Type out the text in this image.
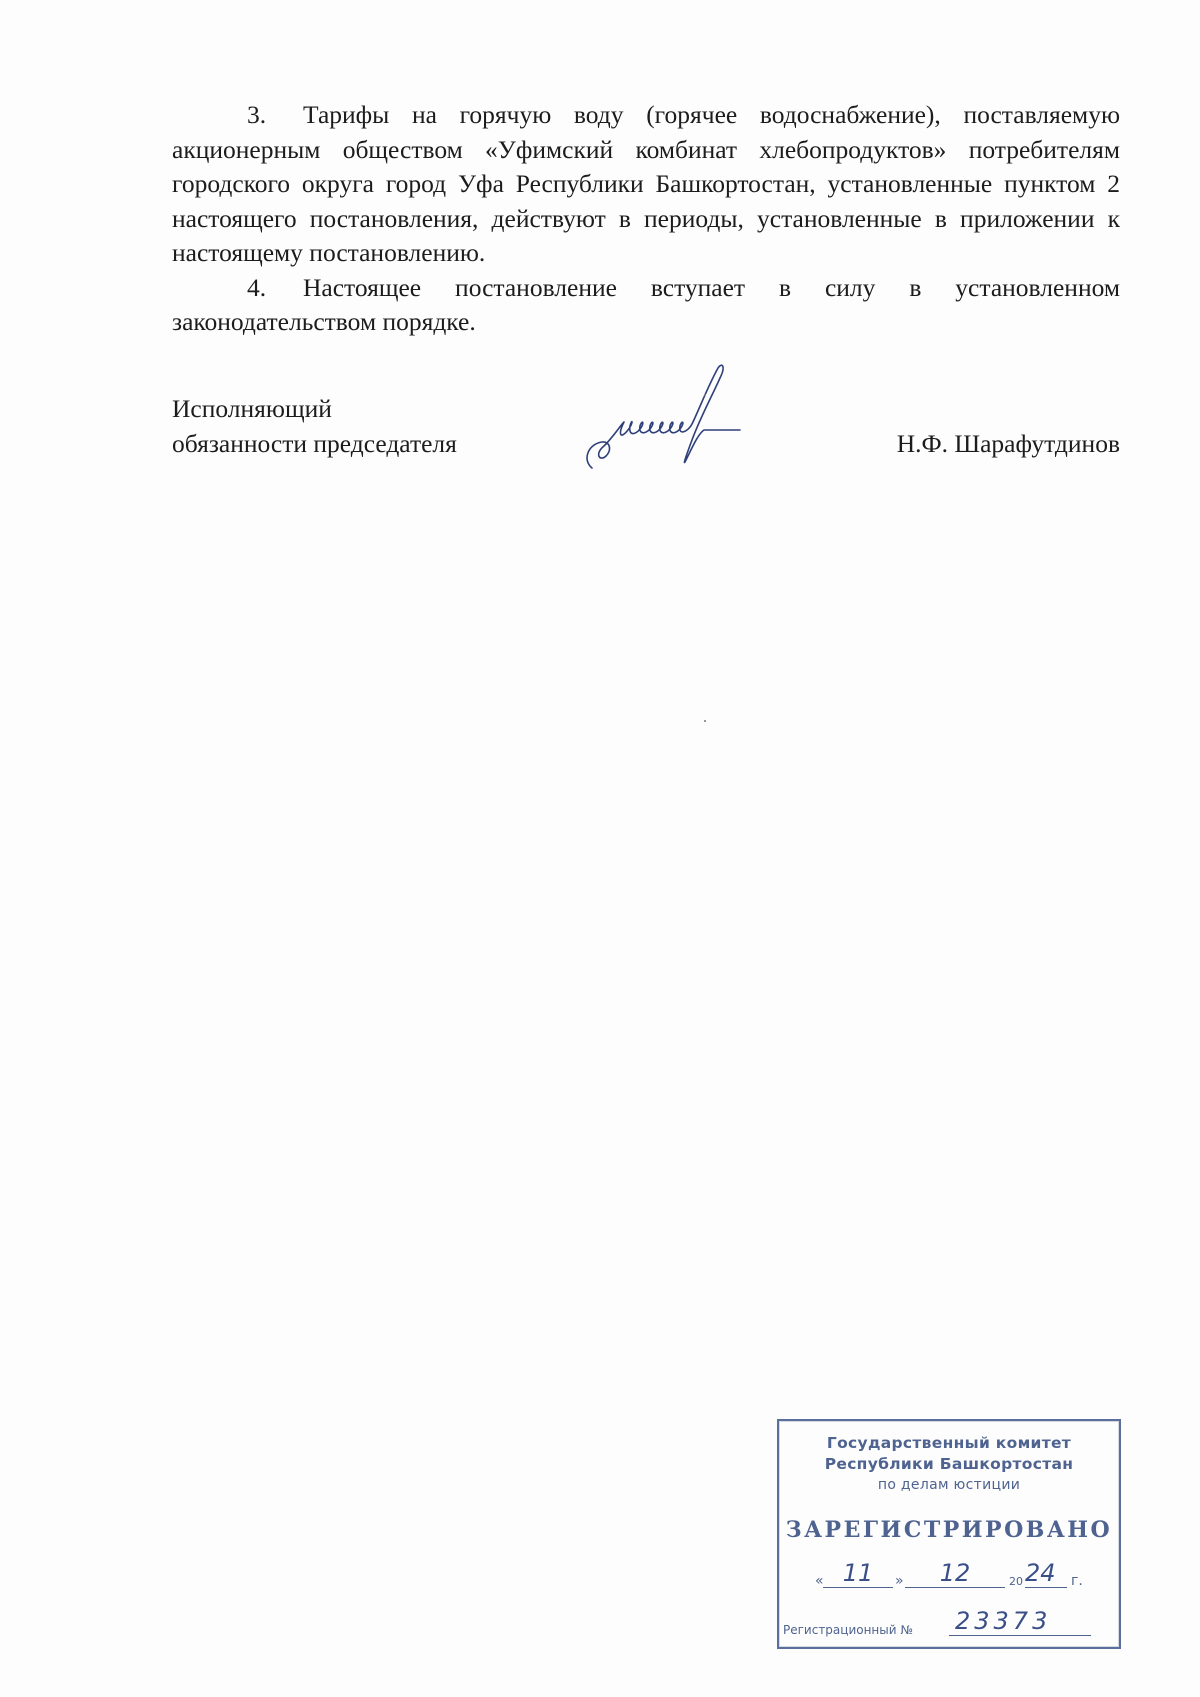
3. Тарифы на горячую воду (горячее водоснабжение), поставляемую акционерным обществом «Уфимский комбинат хлебопродуктов» потребителям городского округа город Уфа Республики Башкортостан, установленные пунктом 2 настоящего постановления, действуют в периоды, установленные в приложении к настоящему постановлению.

4. Настоящее постановление вступает в силу в установленном законодательством порядке.

Исполняющий
обязанности председателя	Н.Ф. Шарафутдинов
Государственный комитет
Республики Башкортостан
по делам юстиции
ЗАРЕГИСТРИРОВАНО
« 11	»	12	20 24	г.
Регистрационный № 23373
